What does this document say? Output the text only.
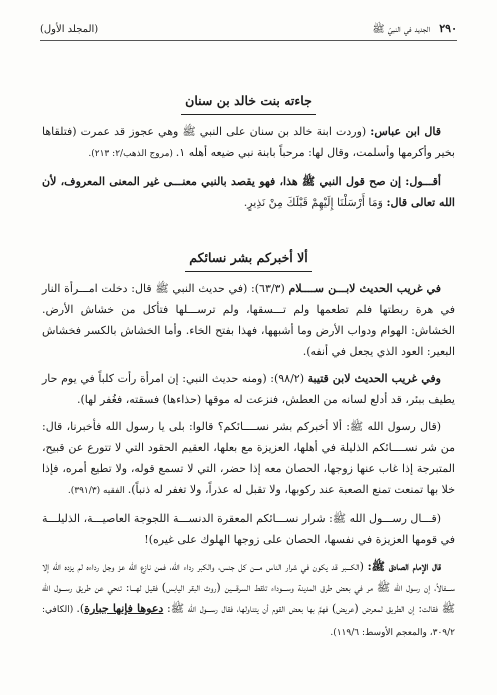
٢٩٠ الجديد في النبيّ ﷺ
(المجلد الأول)
جاءته بنت خالد بن سنان

قال ابن عباس: (وردت ابنة خالد بن سنان على النبي ﷺ وهي عجوز قد عمرت (فتلقاها بخير وأكرمها وأسلمت، وقال لها: مرحباً بابنة نبي ضيعه أهله ١. (مروج الذهب/٢: ٢١٣).

أقـــول: إن صح قول النبي ﷺ هذا، فهو يقصد بالنبي معنـــى غير المعنى المعروف، لأن الله تعالى قال: وَمَا أَرْسَلْنَا إِلَيْهِمْ قَبْلَكَ مِنْ نَذِيرٍ.

ألا أخبركم بشر نسائكم

في غريب الحديث لابـــن ســــلام (٦٣/٣): (في حديث النبي ﷺ قال: دخلت امـــرأة النار في هرة ربطتها فلم تطعمها ولم تـــسقها، ولم ترســـلها فتأكل من خشاش الأرض. الخشاش: الهوام ودواب الأرض وما أشبهها، فهذا بفتح الخاء. وأما الخشاش بالكسر فخشاش البعير: العود الذي يجعل في أنفه).

وفي غريب الحديث لابن قتيبة (٩٨/٢): (ومنه حديث النبي: إن امرأة رأت كلباً في يوم حار يطيف ببئر، قد أدلع لسانه من العطش، فنزعت له موقها (حذاءها) فسقته، فغُفر لها).

(قال رسول الله ﷺ: ألا أخبركم بشر نســــائكم؟ قالوا: بلى يا رسول الله فأخبرنا، قال: من شر نســــائكم الذليلة في أهلها، العزيزة مع بعلها، العقيم الحقود التي لا تتورع عن قبيح، المتبرجة إذا غاب عنها زوجها، الحصان معه إذا حضر، التي لا تسمع قوله، ولا تطيع أمره، فإذا خلا بها تمنعت تمنع الصعبة عند ركوبها، ولا تقبل له عذراً، ولا تغفر له ذنباً). الفقيه (٣٩١/٣).

(قـــال رســـول الله ﷺ: شرار نســـائكم المعقرة الدنســـة اللجوجة العاصيـــة، الذليلـــة في قومها العزيزة في نفسها، الحصان على زوجها الهلوك على غيره)!

قال الإمام الصادق ﷺ: (الكـــبر قد يكون في شرار الناس مـــن كل جنس، والكبر رداء الله، فمن نازع الله عز وجل رداءه لم يزده الله إلا ســـفالاً، إن رسول الله ﷺ مر في بعض طرق المدينة وســـوداء تلقط السرقـــين (روث البقر اليابس) فقيل لهـــا: تنحي عن طريق رســـول الله ﷺ فقالت: إن الطريق لمعرض (عريض) فهمَّ بها بعض القوم أن يتناولها، فقال رســـول الله ﷺ: دعوها فإنها جبارة). (الكافي: ٣٠٩/٢، والمعجم الأوسط: ١١٩/٦).
